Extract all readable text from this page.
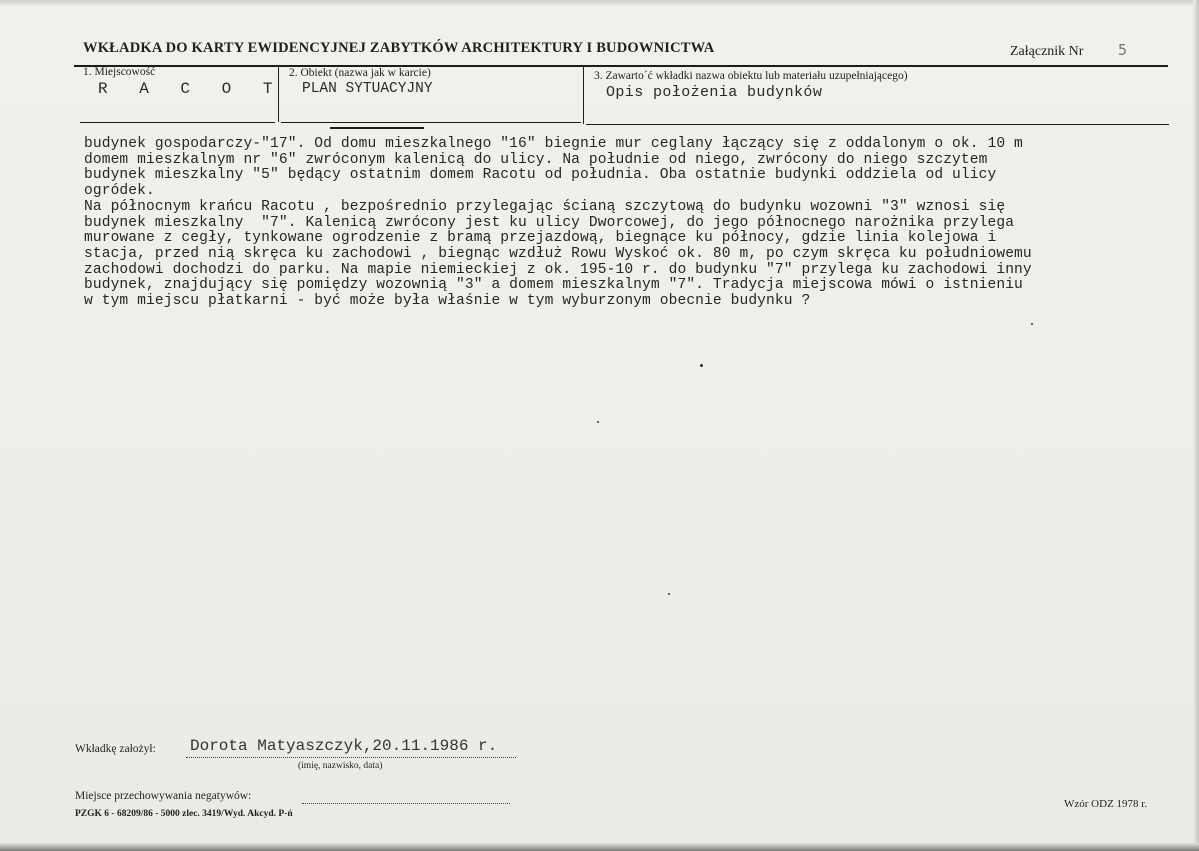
WKŁADKA DO KARTY EWIDENCYJNEJ ZABYTKÓW ARCHITEKTURY I BUDOWNICTWA	Załącznik Nr 5
1. Miejscowość
R A C O T
2. Obiekt (nazwa jak w karcie)
PLAN SYTUACYJNY
3. Zawarto´ć wkładki nazwa obiektu lub materiału uzupełniającego)
Opis położenia budynków
budynek gospodarczy-"17". Od domu mieszkalnego "16" biegnie mur ceglany łączący się z oddalonym o ok. 10 m
domem mieszkalnym nr "6" zwróconym kalenicą do ulicy. Na południe od niego, zwrócony do niego szczytem
budynek mieszkalny "5" będący ostatnim domem Racotu od południa. Oba ostatnie budynki oddziela od ulicy
ogródek.
Na północnym krańcu Racotu , bezpośrednio przylegając ścianą szczytową do budynku wozowni "3" wznosi się
budynek mieszkalny  "7". Kalenicą zwrócony jest ku ulicy Dworcowej, do jego północnego narożnika przylega
murowane z cegły, tynkowane ogrodzenie z bramą przejazdową, biegnące ku północy, gdzie linia kolejowa i
stacja, przed nią skręca ku zachodowi , biegnąc wzdłuż Rowu Wyskoć ok. 80 m, po czym skręca ku południowemu
zachodowi dochodzi do parku. Na mapie niemieckiej z ok. 195-10 r. do budynku "7" przylega ku zachodowi inny
budynek, znajdujący się pomiędzy wozownią "3" a domem mieszkalnym "7". Tradycja miejscowa mówi o istnieniu
w tym miejscu płatkarni - być może była właśnie w tym wyburzonym obecnie budynku ?
Wkładkę założył: Dorota Matyaszczyk,20.11.1986 r.
(imię, nazwisko, data)
Miejsce przechowywania negatywów:
PZGK 6 - 68209/86 - 5000 zlec. 3419/Wyd. Akcyd. P-ń
Wzór ODZ 1978 r.
